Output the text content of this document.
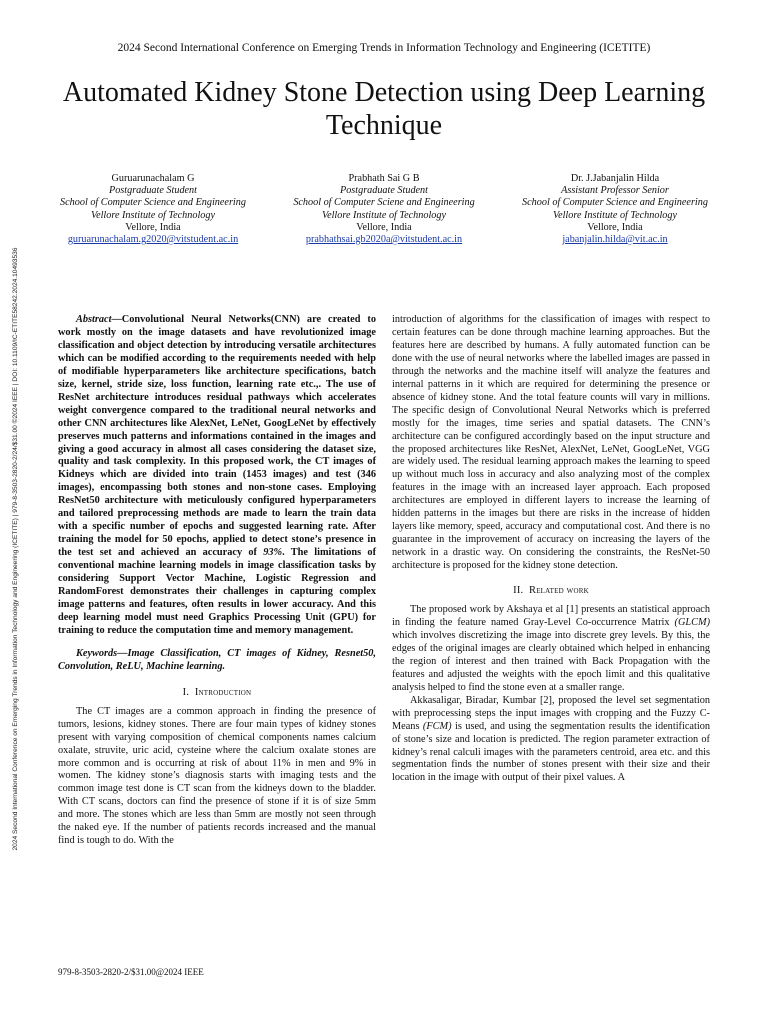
2024 Second International Conference on Emerging Trends in Information Technology and Engineering (ICETITE) | 979-8-3503-2820-2/24/$31.00 ©2024 IEEE | DOI: 10.1109/IC-ETITE58242.2024.10493536
2024 Second International Conference on Emerging Trends in Information Technology and Engineering (ICETITE)
Automated Kidney Stone Detection using Deep Learning Technique
Guruarunachalam G
Postgraduate Student
School of Computer Science and Engineering
Vellore Institute of Technology
Vellore, India
guruarunachalam.g2020@vitstudent.ac.in
Prabhath Sai G B
Postgraduate Student
School of Computer Sciene and Engineering
Vellore Institute of Technology
Vellore, India
prabhathsai.gb2020a@vitstudent.ac.in
Dr. J.Jabanjalin Hilda
Assistant Professor Senior
School of Computer Science and Engineering
Vellore Institute of Technology
Vellore, India
jabanjalin.hilda@vit.ac.in

Abstract—Convolutional Neural Networks(CNN) are created to work mostly on the image datasets and have revolutionized image classification and object detection by introducing versatile architectures which can be modified according to the requirements needed with help of modifiable hyperparameters like architecture specifications, batch size, kernel, stride size, loss function, learning rate etc.,. The use of ResNet architecture introduces residual pathways which accelerates weight convergence compared to the traditional neural networks and other CNN architectures like AlexNet, LeNet, GoogLeNet by effectively preserves much patterns and informations contained in the images and giving a good accuracy in almost all cases considering the dataset size, quality and task complexity. In this proposed work, the CT images of Kidneys which are divided into train (1453 images) and test (346 images), encompassing both stones and non-stone cases. Employing ResNet50 architecture with meticulously configured hyperparameters and tailored preprocessing methods are made to learn the train data with a specific number of epochs and suggested learning rate. After training the model for 50 epochs, applied to detect stone’s presence in the test set and achieved an accuracy of 93%. The limitations of conventional machine learning models in image classification tasks by considering Support Vector Machine, Logistic Regression and RandomForest demonstrates their challenges in capturing complex image patterns and features, often results in lower accuracy. And this deep learning model must need Graphics Processing Unit (GPU) for training to reduce the computation time and memory management.

Keywords—Image Classification, CT images of Kidney, Resnet50, Convolution, ReLU, Machine learning.

I. Introduction

The CT images are a common approach in finding the presence of tumors, lesions, kidney stones. There are four main types of kidney stones present with varying composition of chemical components names calcium oxalate, struvite, uric acid, cysteine where the calcium oxalate stones are more common and is occurring at risk of about 11% in men and 9% in women. The kidney stone’s diagnosis starts with imaging tests and the common image test done is CT scan from the kidneys down to the bladder. With CT scans, doctors can find the presence of stone if it is of size 5mm and more. The stones which are less than 5mm are mostly not seen through the naked eye. If the number of patients records increased and the manual find is tough to do. With the

introduction of algorithms for the classification of images with respect to certain features can be done through machine learning approaches. But the features here are described by humans. A fully automated function can be done with the use of neural networks where the labelled images are passed in through the networks and the machine itself will analyze the features and internal patterns in it which are required for determining the presence or absence of kidney stone. And the total feature counts will vary in millions. The specific design of Convolutional Neural Networks which is preferred mostly for the images, time series and spatial datasets. The CNN’s architecture can be configured accordingly based on the input structure and the proposed architectures like ResNet, AlexNet, LeNet, GoogLeNet, VGG are widely used. The residual learning approach makes the learning to speed up without much loss in accuracy and also analyzing most of the complex features in the image with an increased layer approach. Each proposed architectures are employed in different layers to increase the learning of hidden patterns in the images but there are risks in the increase of hidden layers like memory, speed, accuracy and computational cost. And there is no guarantee in the improvement of accuracy on increasing the layers of the network in a drastic way. On considering the constraints, the ResNet-50 architecture is proposed for the kidney stone detection.

II. Related work

The proposed work by Akshaya et al [1] presents an statistical approach in finding the feature named Gray-Level Co-occurrence Matrix (GLCM) which involves discretizing the image into discrete grey levels. By this, the edges of the original images are clearly obtained which helped in enhancing the region of interest and then trained with Back Propagation with the features and adjusted the weights with the epoch limit and this qualitative analysis helped to find the stone even at a smaller range.

Akkasaligar, Biradar, Kumbar [2], proposed the level set segmentation with preprocessing steps the input images with cropping and the Fuzzy C-Means (FCM) is used, and using the segmentation results the identification of stone’s size and location is predicted. The region parameter extraction of kidney’s renal calculi images with the parameters centroid, area etc. and this segmentation finds the number of stones present with their size and their location in the image with output of their pixel values. A

979-8-3503-2820-2/$31.00@2024 IEEE
